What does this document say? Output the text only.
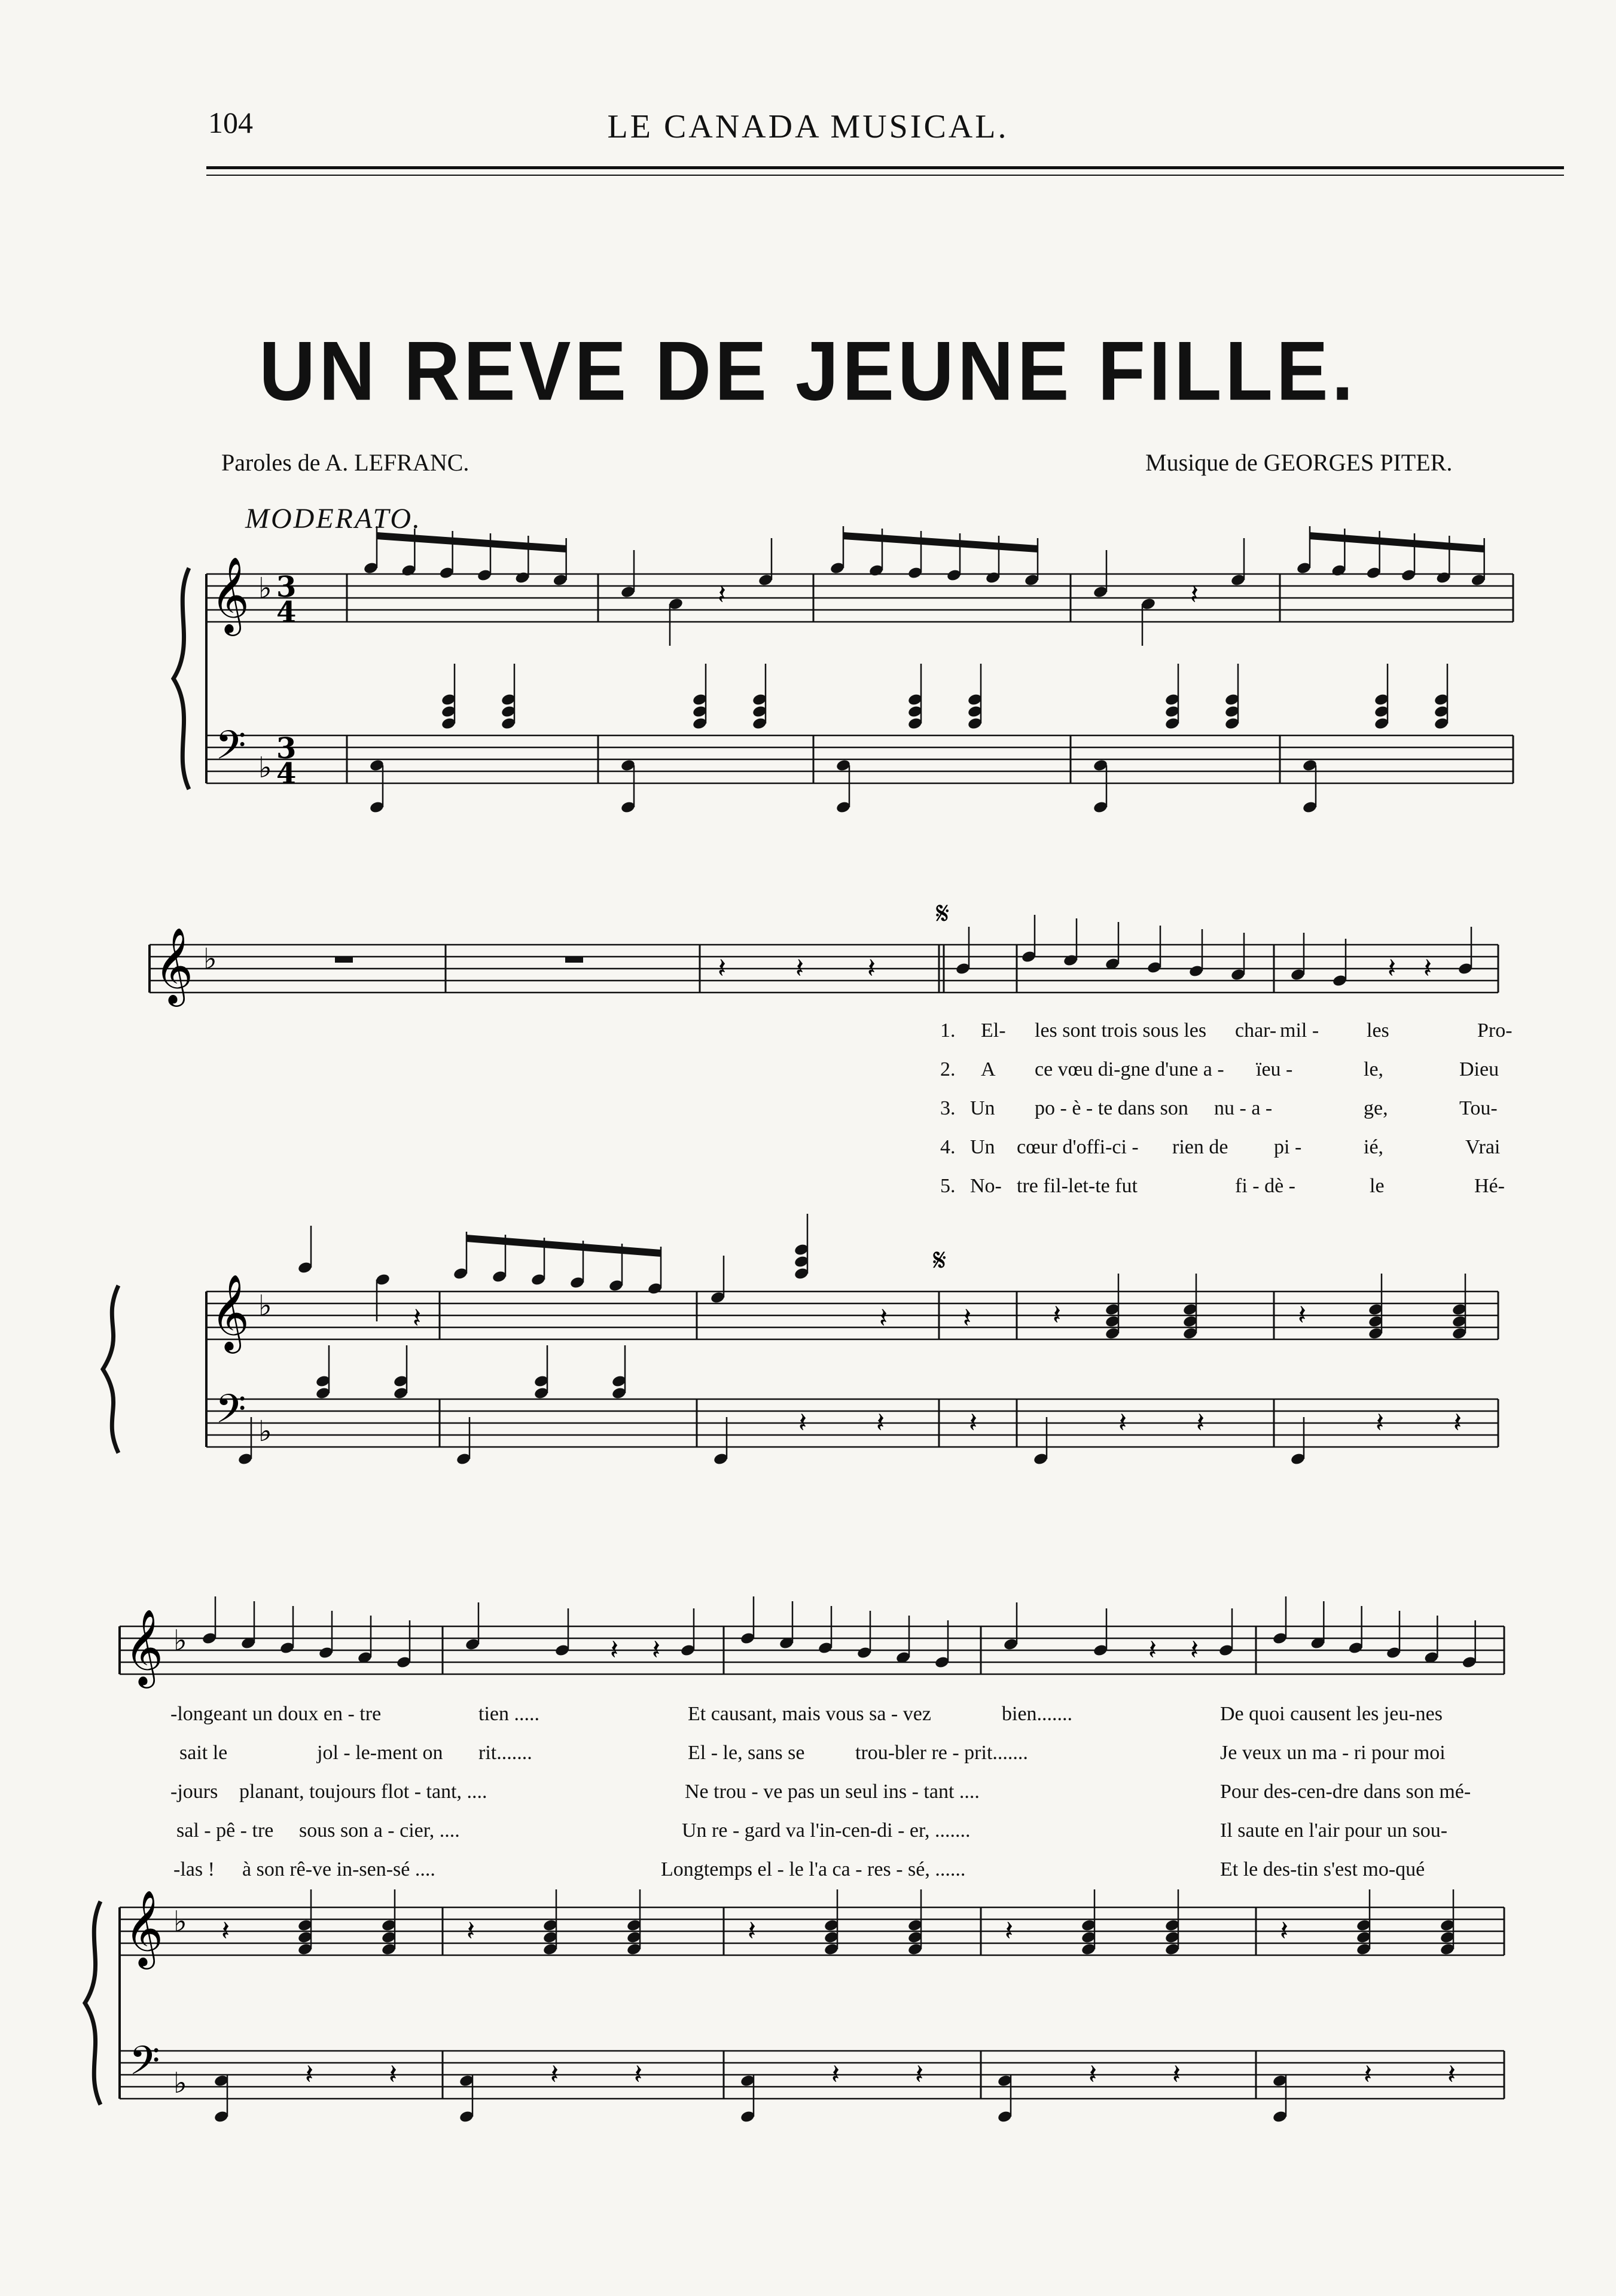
104	LE CANADA MUSICAL.
UN REVE DE JEUNE FILLE.
Paroles de A. LEFRANC.	Musique de GEORGES PITER.
MODERATO.
𝄞
𝄢
♭
♭
3
4
3
4
𝄽	𝄽
𝄞 ♭	𝄽	𝄽 𝄽
𝄋
𝄽 𝄽
𝄞
𝄢
♭
♭
𝄋
𝄽	𝄽	𝄽	𝄽	𝄽
𝄽	𝄽	𝄽	𝄽	𝄽	𝄽
𝄽
𝄞 ♭	𝄽 𝄽	𝄽 𝄽
𝄞
𝄢
♭
♭
𝄽
𝄽	𝄽
𝄽
𝄽	𝄽
𝄽
𝄽	𝄽
𝄽
𝄽	𝄽
𝄽
𝄽	𝄽
1. El- les sont trois sous les char- mil - les	Pro-
2. A ce vœu di-gne d'une a - ïeu -	le,	Dieu
3. Un po - è - te dans son nu - a -	ge,	Tou-
4. Un cœur d'offi-ci - rien de pi -	ié,	Vrai
5. No- tre fil-let-te fut	fi - dè -	le	Hé-
-longeant un doux en - tre	tien .....	Et causant, mais vous sa - vez	bien.......	De quoi causent les jeu-nes
sait le	jol - le-ment on rit.......	El - le, sans se trou-bler re - prit.......	Je veux un ma - ri pour moi
-jours planant, toujours flot - tant, ....	Ne trou - ve pas un seul ins - tant ....	Pour des-cen-dre dans son mé-
sal - pê - tre sous son a - cier, ....	Un re - gard va l'in-cen-di - er, .......	Il saute en l'air pour un sou-
-las ! à son rê-ve in-sen-sé ....	Longtemps el - le l'a ca - res - sé, ......	Et le des-tin s'est mo-qué
